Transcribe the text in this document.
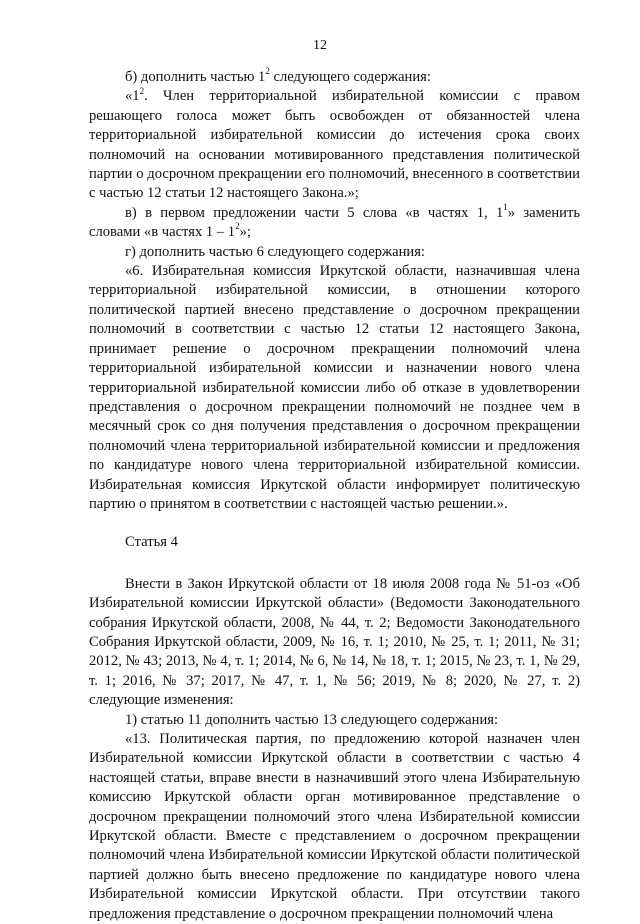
12

б) дополнить частью $1^2$ следующего содержания:

«$1^2$. Член территориальной избирательной комиссии с правом решающего голоса может быть освобожден от обязанностей члена территориальной избирательной комиссии до истечения срока своих полномочий на основании мотивированного представления политической партии о досрочном прекращении его полномочий, внесенного в соответствии с частью 12 статьи 12 настоящего Закона.»;

в) в первом предложении части 5 слова «в частях 1, $1^1$» заменить словами «в частях $1 - 1^2$»;

г) дополнить частью 6 следующего содержания:

«6. Избирательная комиссия Иркутской области, назначившая члена территориальной избирательной комиссии, в отношении которого политической партией внесено представление о досрочном прекращении полномочий в соответствии с частью 12 статьи 12 настоящего Закона, принимает решение о досрочном прекращении полномочий члена территориальной избирательной комиссии и назначении нового члена территориальной избирательной комиссии либо об отказе в удовлетворении представления о досрочном прекращении полномочий не позднее чем в месячный срок со дня получения представления о досрочном прекращении полномочий члена территориальной избирательной комиссии и предложения по кандидатуре нового члена территориальной избирательной комиссии. Избирательная комиссия Иркутской области информирует политическую партию о принятом в соответствии с настоящей частью решении.».

Статья 4

Внести в Закон Иркутской области от 18 июля 2008 года № 51-оз «Об Избирательной комиссии Иркутской области» (Ведомости Законодательного собрания Иркутской области, 2008, № 44, т. 2; Ведомости Законодательного Собрания Иркутской области, 2009, № 16, т. 1; 2010, № 25, т. 1; 2011, № 31; 2012, № 43; 2013, № 4, т. 1; 2014, № 6, № 14, № 18, т. 1; 2015, № 23, т. 1, № 29, т. 1; 2016, № 37; 2017, № 47, т. 1, № 56; 2019, № 8; 2020, № 27, т. 2) следующие изменения:

1) статью 11 дополнить частью 13 следующего содержания:

«13. Политическая партия, по предложению которой назначен член Избирательной комиссии Иркутской области в соответствии с частью 4 настоящей статьи, вправе внести в назначивший этого члена Избирательную комиссию Иркутской области орган мотивированное представление о досрочном прекращении полномочий этого члена Избирательной комиссии Иркутской области. Вместе с представлением о досрочном прекращении полномочий члена Избирательной комиссии Иркутской области политической партией должно быть внесено предложение по кандидатуре нового члена Избирательной комиссии Иркутской области. При отсутствии такого предложения представление о досрочном прекращении полномочий члена
